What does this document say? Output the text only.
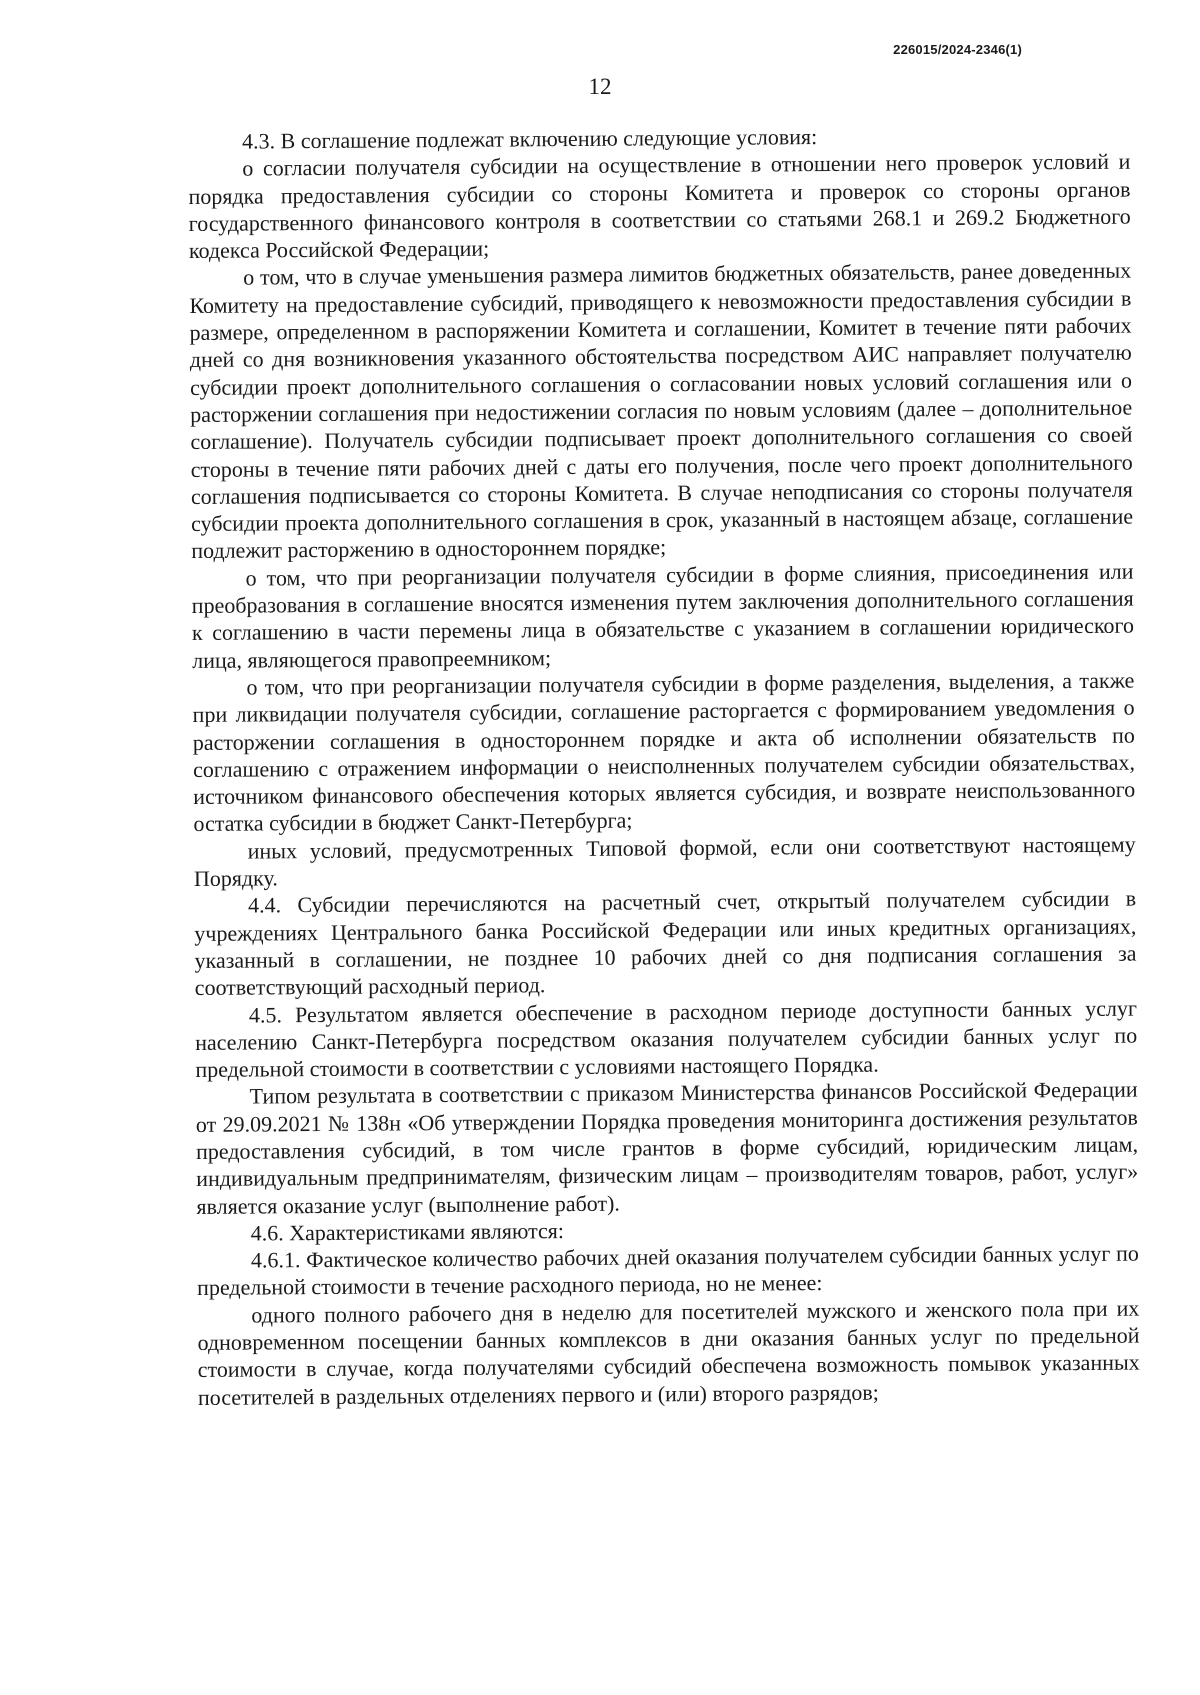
226015/2024-2346(1)
12

4.3. В соглашение подлежат включению следующие условия:

о согласии получателя субсидии на осуществление в отношении него проверок условий и порядка предоставления субсидии со стороны Комитета и проверок со стороны органов государственного финансового контроля в соответствии со статьями 268.1 и 269.2 Бюджетного кодекса Российской Федерации;

о том, что в случае уменьшения размера лимитов бюджетных обязательств, ранее доведенных Комитету на предоставление субсидий, приводящего к невозможности предоставления субсидии в размере, определенном в распоряжении Комитета и соглашении, Комитет в течение пяти рабочих дней со дня возникновения указанного обстоятельства посредством АИС направляет получателю субсидии проект дополнительного соглашения о согласовании новых условий соглашения или о расторжении соглашения при недостижении согласия по новым условиям (далее – дополнительное соглашение). Получатель субсидии подписывает проект дополнительного соглашения со своей стороны в течение пяти рабочих дней с даты его получения, после чего проект дополнительного соглашения подписывается со стороны Комитета. В случае неподписания со стороны получателя субсидии проекта дополнительного соглашения в срок, указанный в настоящем абзаце, соглашение подлежит расторжению в одностороннем порядке;

о том, что при реорганизации получателя субсидии в форме слияния, присоединения или преобразования в соглашение вносятся изменения путем заключения дополнительного соглашения к соглашению в части перемены лица в обязательстве с указанием в соглашении юридического лица, являющегося правопреемником;

о том, что при реорганизации получателя субсидии в форме разделения, выделения, а также при ликвидации получателя субсидии, соглашение расторгается с формированием уведомления о расторжении соглашения в одностороннем порядке и акта об исполнении обязательств по соглашению с отражением информации о неисполненных получателем субсидии обязательствах, источником финансового обеспечения которых является субсидия, и возврате неиспользованного остатка субсидии в бюджет Санкт-Петербурга;

иных условий, предусмотренных Типовой формой, если они соответствуют настоящему Порядку.

4.4. Субсидии перечисляются на расчетный счет, открытый получателем субсидии в учреждениях Центрального банка Российской Федерации или иных кредитных организациях, указанный в соглашении, не позднее 10 рабочих дней со дня подписания соглашения за соответствующий расходный период.

4.5. Результатом является обеспечение в расходном периоде доступности банных услуг населению Санкт-Петербурга посредством оказания получателем субсидии банных услуг по предельной стоимости в соответствии с условиями настоящего Порядка.

Типом результата в соответствии с приказом Министерства финансов Российской Федерации от 29.09.2021 № 138н «Об утверждении Порядка проведения мониторинга достижения результатов предоставления субсидий, в том числе грантов в форме субсидий, юридическим лицам, индивидуальным предпринимателям, физическим лицам – производителям товаров, работ, услуг» является оказание услуг (выполнение работ).

4.6. Характеристиками являются:

4.6.1. Фактическое количество рабочих дней оказания получателем субсидии банных услуг по предельной стоимости в течение расходного периода, но не менее:

одного полного рабочего дня в неделю для посетителей мужского и женского пола при их одновременном посещении банных комплексов в дни оказания банных услуг по предельной стоимости в случае, когда получателями субсидий обеспечена возможность помывок указанных посетителей в раздельных отделениях первого и (или) второго разрядов;
